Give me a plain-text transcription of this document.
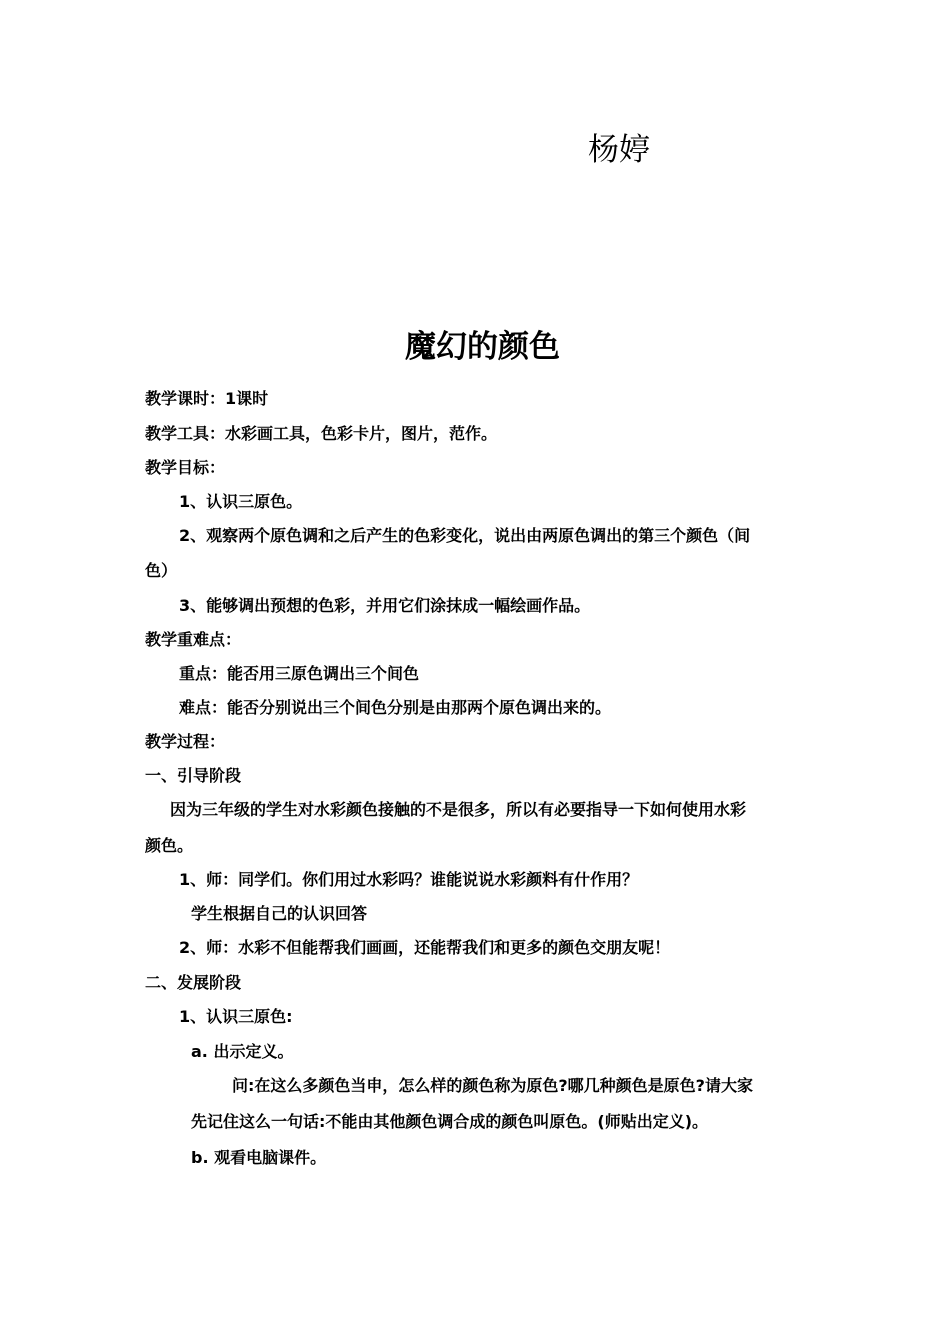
杨婷
魔幻的颜色
教学课时：1课时
教学工具：水彩画工具，色彩卡片，图片，范作。
教学目标：
1、认识三原色。
2、观察两个原色调和之后产生的色彩变化，说出由两原色调出的第三个颜色（间
色）
3、能够调出预想的色彩，并用它们涂抹成一幅绘画作品。
教学重难点：
重点：能否用三原色调出三个间色
难点：能否分别说出三个间色分别是由那两个原色调出来的。
教学过程：
一、引导阶段
因为三年级的学生对水彩颜色接触的不是很多，所以有必要指导一下如何使用水彩
颜色。
1、师：同学们。你们用过水彩吗？谁能说说水彩颜料有什作用？
学生根据自己的认识回答
2、师：水彩不但能帮我们画画，还能帮我们和更多的颜色交朋友呢！
二、发展阶段
1、认识三原色:
a. 出示定义。
问:在这么多颜色当申，怎么样的颜色称为原色?哪几种颜色是原色?请大家
先记住这么一句话:不能由其他颜色调合成的颜色叫原色。(师贴出定义)。
b. 观看电脑课件。
